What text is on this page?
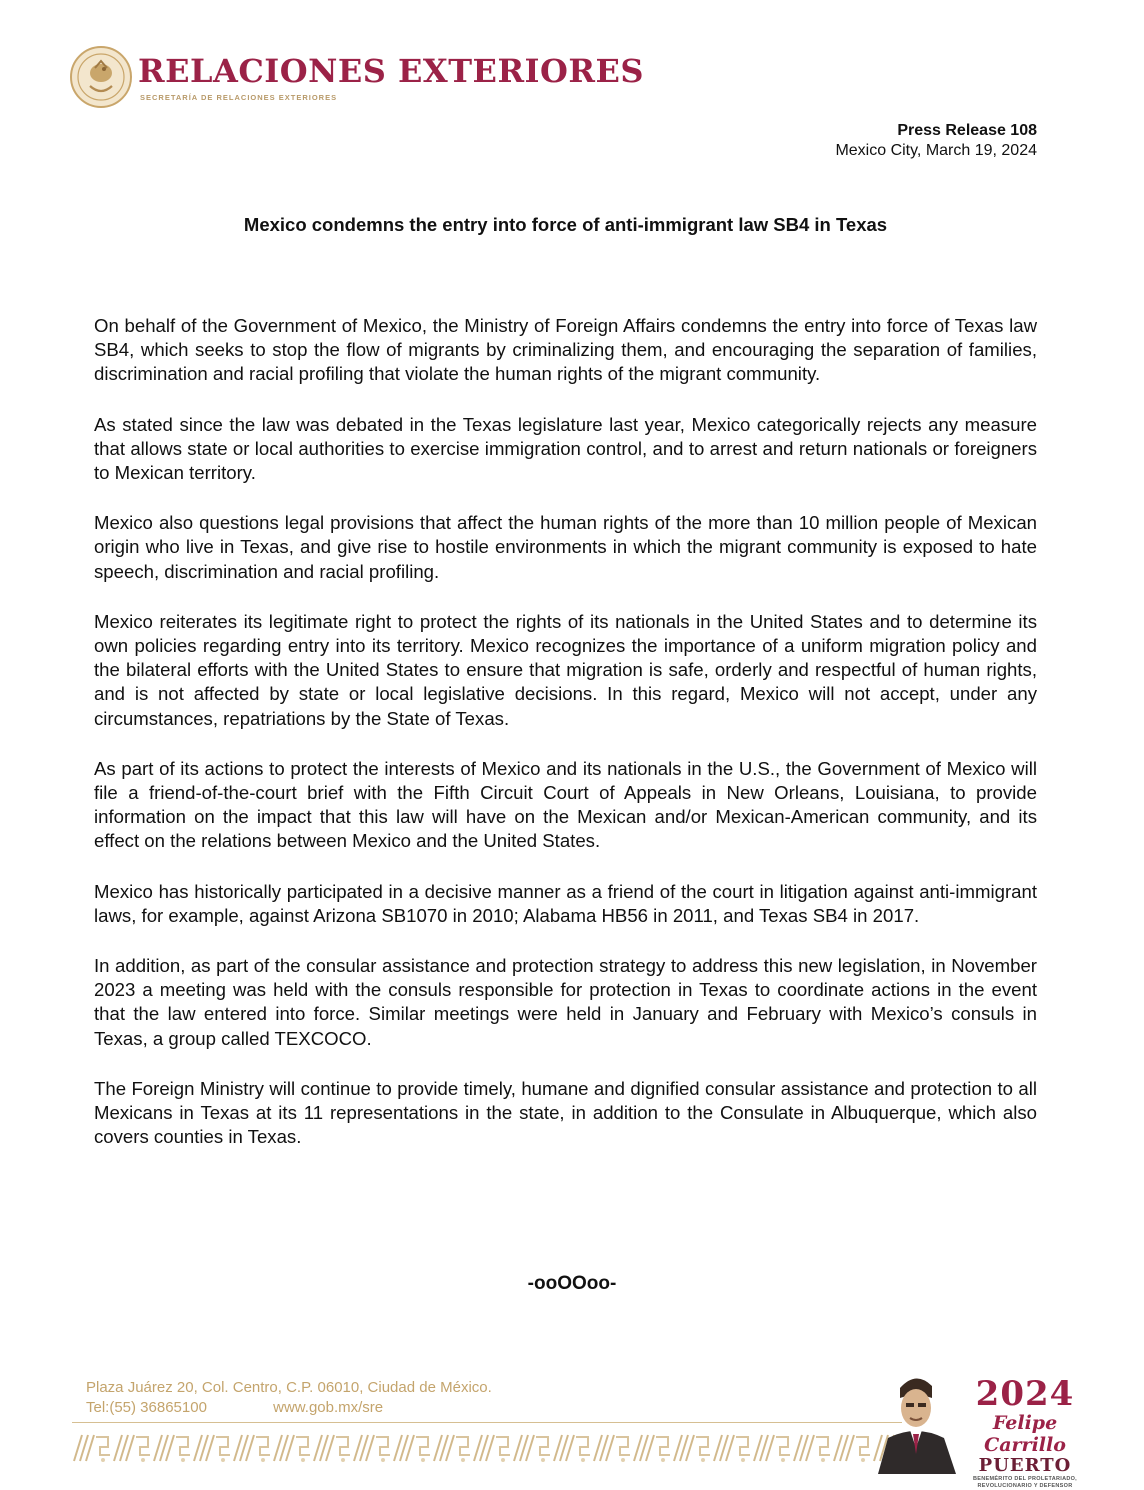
RELACIONES EXTERIORES
SECRETARÍA DE RELACIONES EXTERIORES
Press Release 108
Mexico City, March 19, 2024
Mexico condemns the entry into force of anti-immigrant law SB4 in Texas

On behalf of the Government of Mexico, the Ministry of Foreign Affairs condemns the entry into force of Texas law SB4, which seeks to stop the flow of migrants by criminalizing them, and encouraging the separation of families, discrimination and racial profiling that violate the human rights of the migrant community.

As stated since the law was debated in the Texas legislature last year, Mexico categorically rejects any measure that allows state or local authorities to exercise immigration control, and to arrest and return nationals or foreigners to Mexican territory.

Mexico also questions legal provisions that affect the human rights of the more than 10 million people of Mexican origin who live in Texas, and give rise to hostile environments in which the migrant community is exposed to hate speech, discrimination and racial profiling.

Mexico reiterates its legitimate right to protect the rights of its nationals in the United States and to determine its own policies regarding entry into its territory. Mexico recognizes the importance of a uniform migration policy and the bilateral efforts with the United States to ensure that migration is safe, orderly and respectful of human rights, and is not affected by state or local legislative decisions. In this regard, Mexico will not accept, under any circumstances, repatriations by the State of Texas.

As part of its actions to protect the interests of Mexico and its nationals in the U.S., the Government of Mexico will file a friend-of-the-court brief with the Fifth Circuit Court of Appeals in New Orleans, Louisiana, to provide information on the impact that this law will have on the Mexican and/or Mexican-American community, and its effect on the relations between Mexico and the United States.

Mexico has historically participated in a decisive manner as a friend of the court in litigation against anti-immigrant laws, for example, against Arizona SB1070 in 2010; Alabama HB56 in 2011, and Texas SB4 in 2017.

In addition, as part of the consular assistance and protection strategy to address this new legislation, in November 2023 a meeting was held with the consuls responsible for protection in Texas to coordinate actions in the event that the law entered into force. Similar meetings were held in January and February with Mexico’s consuls in Texas, a group called TEXCOCO.

The Foreign Ministry will continue to provide timely, humane and dignified consular assistance and protection to all Mexicans in Texas at its 11 representations in the state, in addition to the Consulate in Albuquerque, which also covers counties in Texas.

-ooOOoo-
Plaza Juárez 20, Col. Centro, C.P. 06010, Ciudad de México.
Tel:(55) 36865100	www.gob.mx/sre	2024
Felipe Carrillo
PUERTO
BENEMÉRITO DEL PROLETARIADO, REVOLUCIONARIO Y DEFENSOR
